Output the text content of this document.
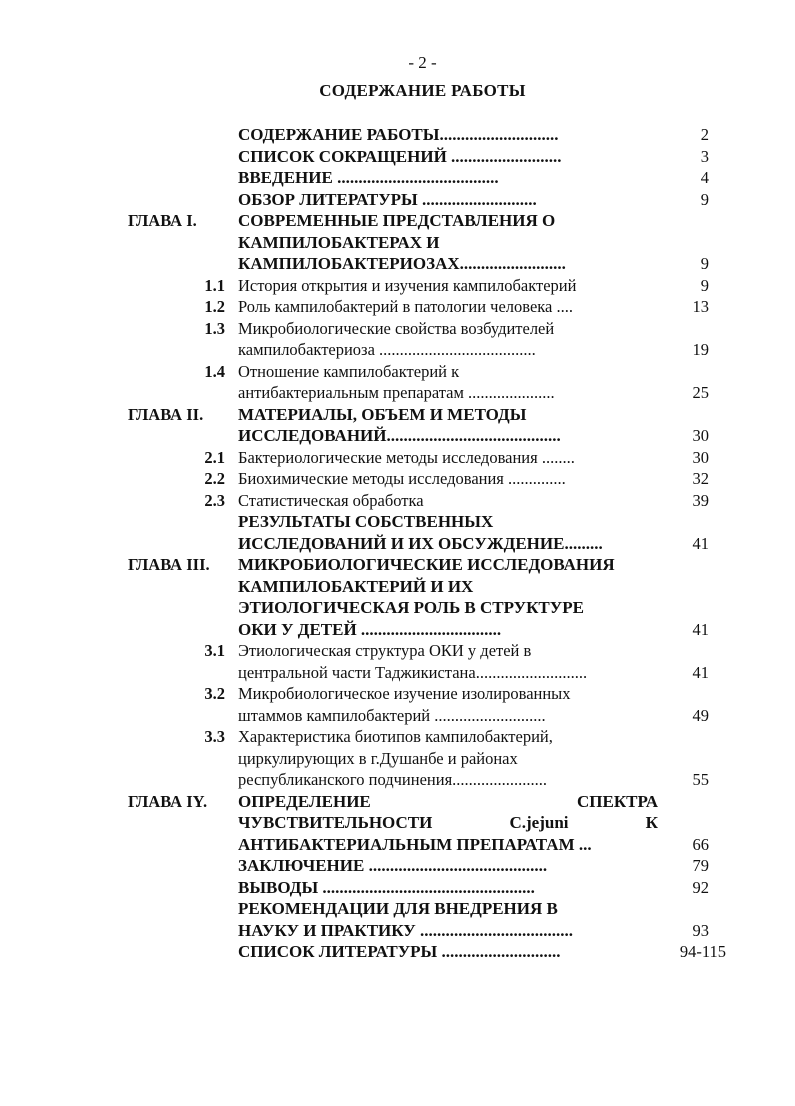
- 2 -
СОДЕРЖАНИЕ РАБОТЫ
СОДЕРЖАНИЕ РАБОТЫ............................	2
СПИСОК СОКРАЩЕНИЙ ..........................	3
ВВЕДЕНИЕ ......................................	4
ОБЗОР ЛИТЕРАТУРЫ ...........................	9
ГЛАВА I.	СОВРЕМЕННЫЕ ПРЕДСТАВЛЕНИЯ О
КАМПИЛОБАКТЕРАХ И
КАМПИЛОБАКТЕРИОЗАХ.........................	9
1.1 История открытия и изучения кампилобактерий	9
1.2 Роль кампилобактерий в патологии человека ....	13
1.3 Микробиологические свойства возбудителей
кампилобактериоза ......................................	19
1.4 Отношение кампилобактерий к
антибактериальным препаратам .....................	25
ГЛАВА II.	МАТЕРИАЛЫ, ОБЪЕМ И МЕТОДЫ
ИССЛЕДОВАНИЙ.........................................	30
2.1 Бактериологические методы исследования ........	30
2.2 Биохимические методы исследования ..............	32
2.3 Статистическая обработка	39
РЕЗУЛЬТАТЫ СОБСТВЕННЫХ
ИССЛЕДОВАНИЙ И ИХ ОБСУЖДЕНИЕ.........	41
ГЛАВА III. МИКРОБИОЛОГИЧЕСКИЕ ИССЛЕДОВАНИЯ
КАМПИЛОБАКТЕРИЙ И ИХ
ЭТИОЛОГИЧЕСКАЯ РОЛЬ В СТРУКТУРЕ
ОКИ У ДЕТЕЙ .................................	41
3.1 Этиологическая структура ОКИ у детей в
центральной части Таджикистана...........................	41
3.2 Микробиологическое изучение изолированных
штаммов кампилобактерий ...........................	49
3.3 Характеристика биотипов кампилобактерий,
циркулирующих в г.Душанбе и районах
республиканского подчинения.......................	55
ГЛАВА IY.	ОПРЕДЕЛЕНИЕ	СПЕКТРА
ЧУВСТВИТЕЛЬНОСТИ	C.jejuni	К
АНТИБАКТЕРИАЛЬНЫМ ПРЕПАРАТАМ ...	66
ЗАКЛЮЧЕНИЕ ..........................................	79
ВЫВОДЫ ..................................................	92
РЕКОМЕНДАЦИИ ДЛЯ ВНЕДРЕНИЯ В
НАУКУ И ПРАКТИКУ ....................................	93
СПИСОК ЛИТЕРАТУРЫ ............................	94-115
